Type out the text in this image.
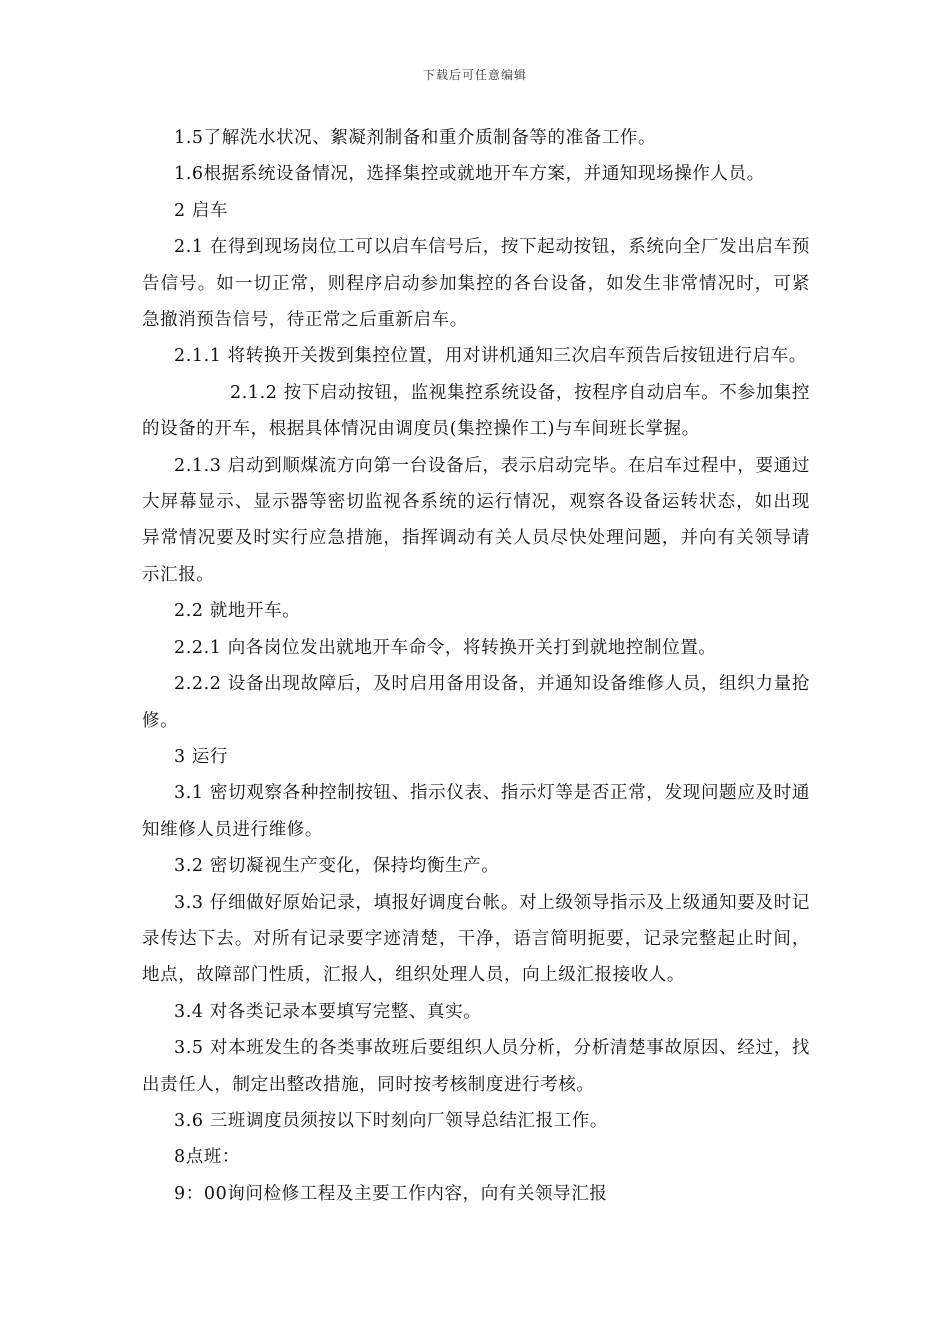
下载后可任意编辑

1.5了解洗水状况、絮凝剂制备和重介质制备等的准备工作。

1.6根据系统设备情况，选择集控或就地开车方案，并通知现场操作人员。

2 启车

2.1 在得到现场岗位工可以启车信号后，按下起动按钮，系统向全厂发出启车预告信号。如一切正常，则程序启动参加集控的各台设备，如发生非常情况时，可紧急撤消预告信号，待正常之后重新启车。

2.1.1 将转换开关拨到集控位置，用对讲机通知三次启车预告后按钮进行启车。

2.1.2 按下启动按钮，监视集控系统设备，按程序自动启车。不参加集控的设备的开车，根据具体情况由调度员(集控操作工)与车间班长掌握。

2.1.3 启动到顺煤流方向第一台设备后，表示启动完毕。在启车过程中，要通过大屏幕显示、显示器等密切监视各系统的运行情况，观察各设备运转状态，如出现异常情况要及时实行应急措施，指挥调动有关人员尽快处理问题，并向有关领导请示汇报。

2.2 就地开车。

2.2.1 向各岗位发出就地开车命令，将转换开关打到就地控制位置。

2.2.2 设备出现故障后，及时启用备用设备，并通知设备维修人员，组织力量抢修。

3 运行

3.1 密切观察各种控制按钮、指示仪表、指示灯等是否正常，发现问题应及时通知维修人员进行维修。

3.2 密切凝视生产变化，保持均衡生产。

3.3 仔细做好原始记录，填报好调度台帐。对上级领导指示及上级通知要及时记录传达下去。对所有记录要字迹清楚，干净，语言简明扼要，记录完整起止时间，地点，故障部门性质，汇报人，组织处理人员，向上级汇报接收人。

3.4 对各类记录本要填写完整、真实。

3.5 对本班发生的各类事故班后要组织人员分析，分析清楚事故原因、经过，找出责任人，制定出整改措施，同时按考核制度进行考核。

3.6 三班调度员须按以下时刻向厂领导总结汇报工作。

8点班：

9：00询问检修工程及主要工作内容，向有关领导汇报
